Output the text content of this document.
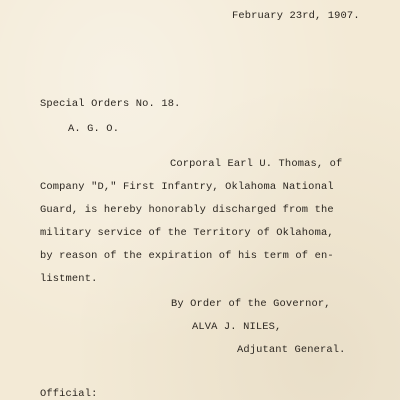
February 23rd, 1907.
Special Orders No. 18.
A. G. O.
Corporal Earl U. Thomas, of
Company "D," First Infantry, Oklahoma National
Guard, is hereby honorably discharged from the
military service of the Territory of Oklahoma,
by reason of the expiration of his term of en-
listment.
By Order of the Governor,
ALVA J. NILES,
Adjutant General.
Official:
